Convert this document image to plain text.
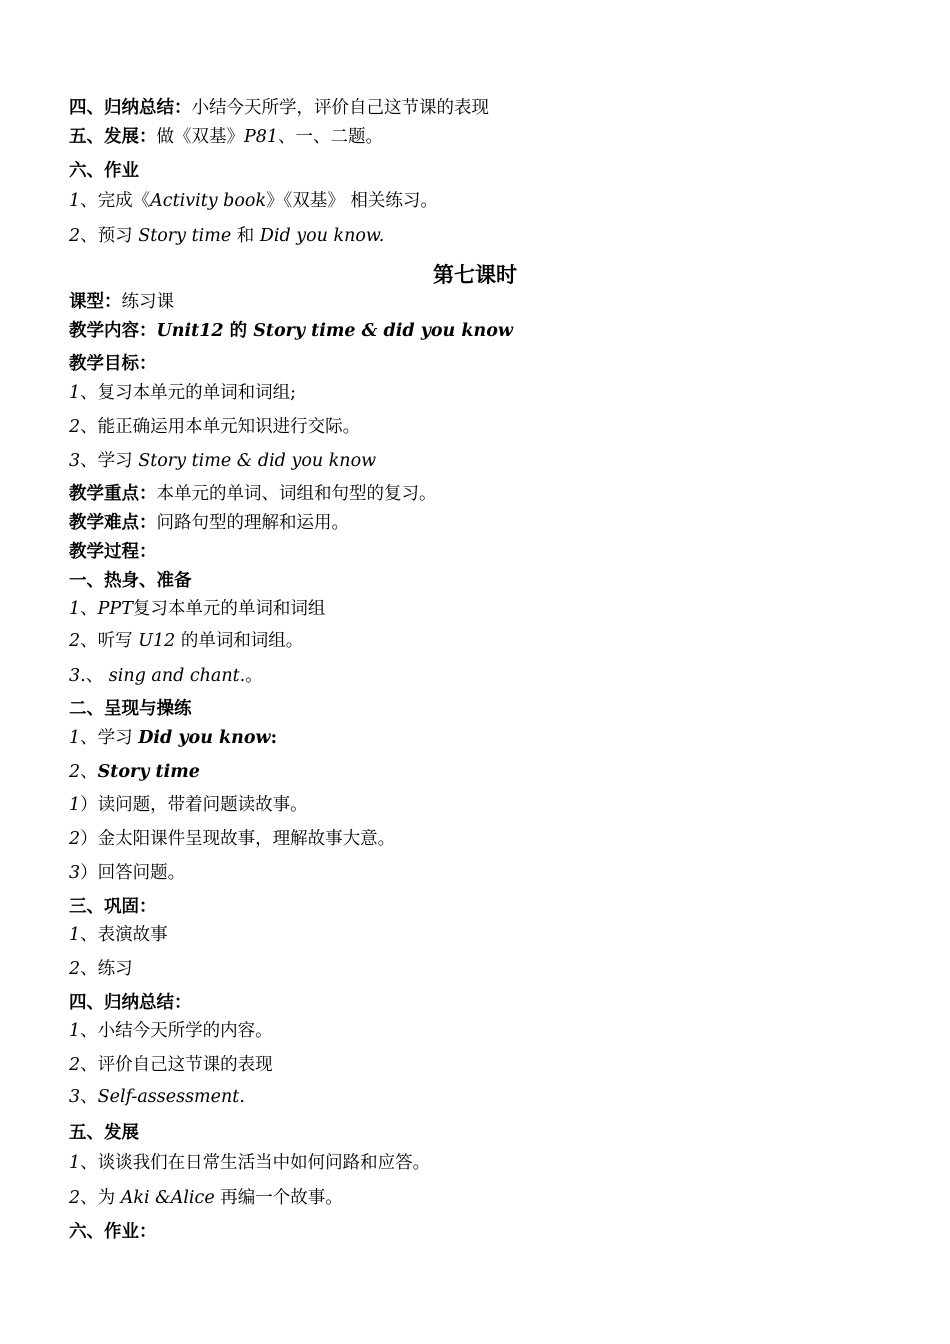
四、归纳总结：小结今天所学，评价自己这节课的表现
五、发展：做《双基》P81、一、二题。
六、作业
1、完成《Activity book》《双基》 相关练习。
2、预习 Story time 和 Did you know.
第七课时
课型：练习课
教学内容：Unit12 的 Story time & did you know
教学目标：
1、复习本单元的单词和词组;
2、能正确运用本单元知识进行交际。
3、学习 Story time & did you know
教学重点：本单元的单词、词组和句型的复习。
教学难点：问路句型的理解和运用。
教学过程：
一、热身、准备
1、PPT复习本单元的单词和词组
2、听写 U12 的单词和词组。
3.、 sing and chant.。
二、呈现与操练
1、学习 Did you know:
2、Story time
1）读问题，带着问题读故事。
2）金太阳课件呈现故事，理解故事大意。
3）回答问题。
三、巩固：
1、表演故事
2、练习
四、归纳总结：
1、小结今天所学的内容。
2、评价自己这节课的表现
3、Self-assessment.
五、发展
1、谈谈我们在日常生活当中如何问路和应答。
2、为 Aki &Alice 再编一个故事。
六、作业：
